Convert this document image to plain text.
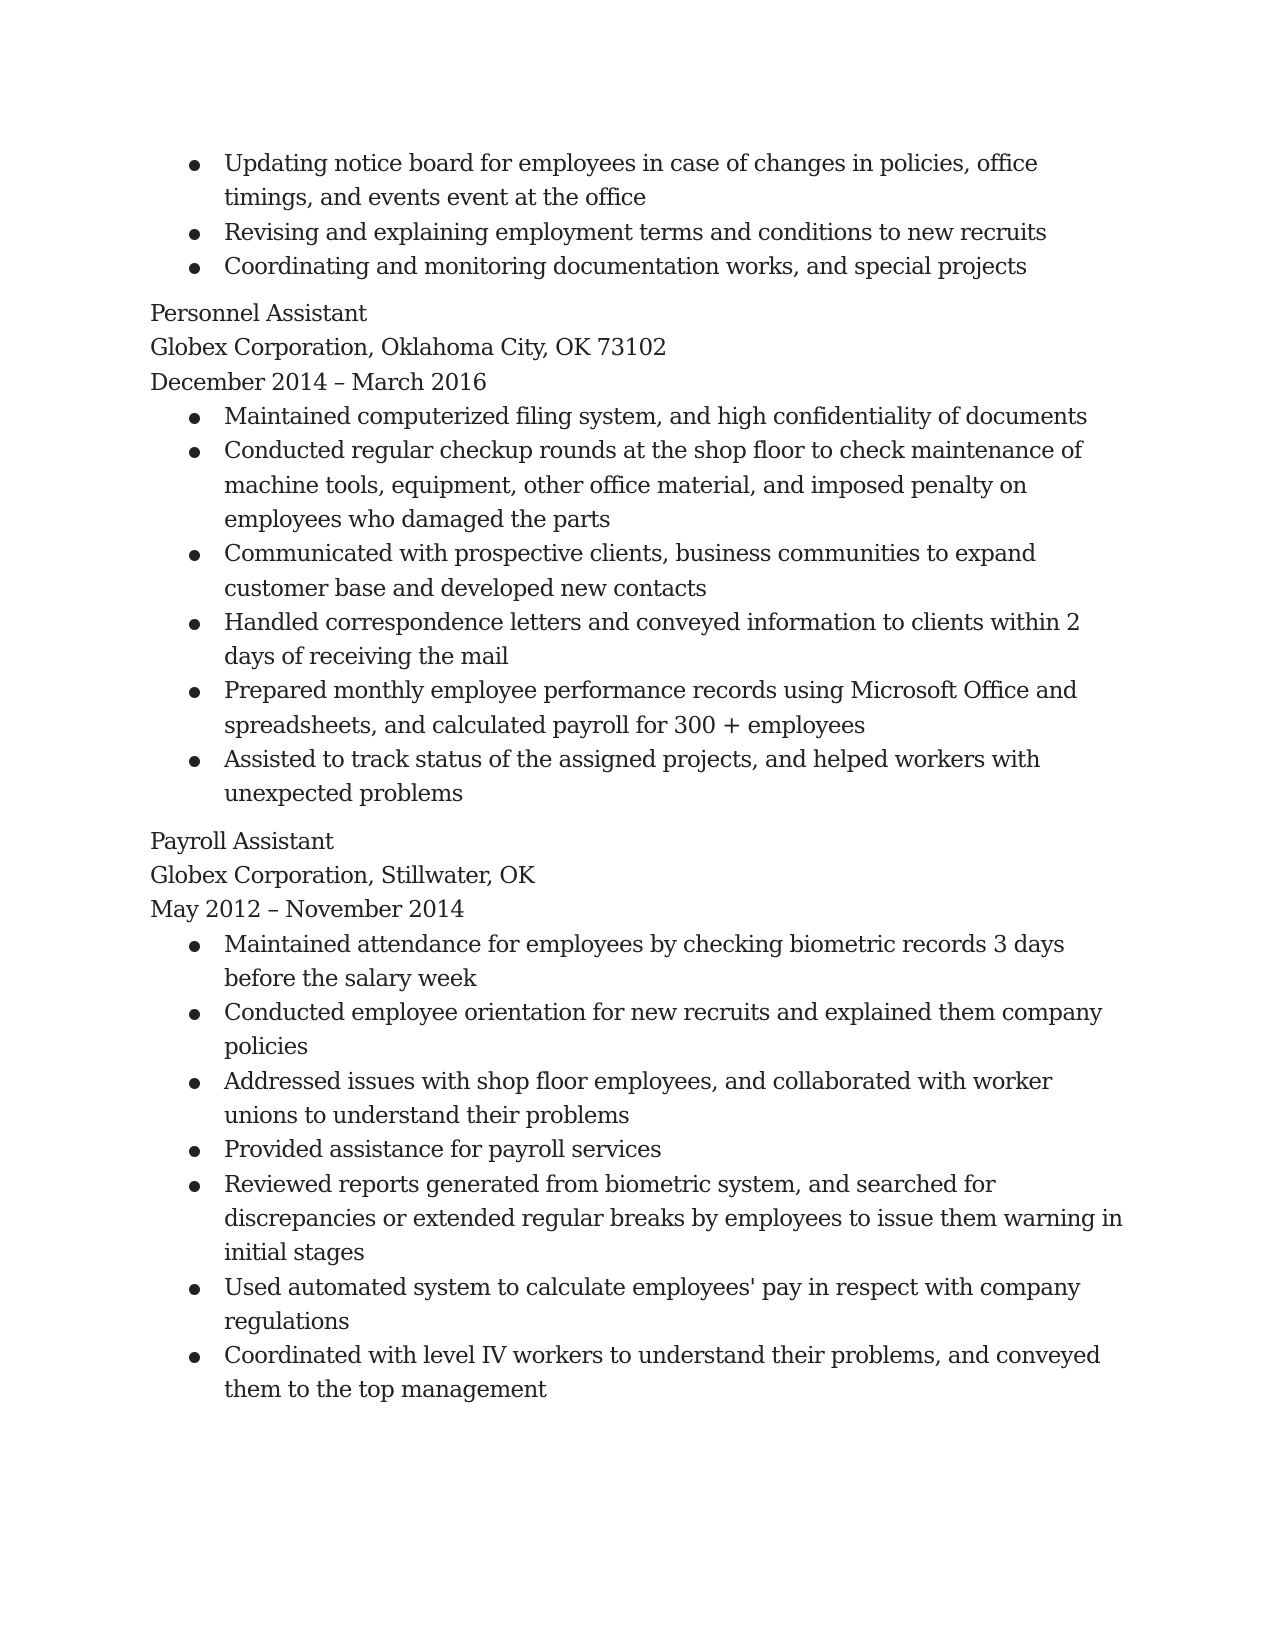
Updating notice board for employees in case of changes in policies, office timings, and events event at the office
Revising and explaining employment terms and conditions to new recruits
Coordinating and monitoring documentation works, and special projects
Personnel Assistant
Globex Corporation, Oklahoma City, OK 73102
December 2014 – March 2016
Maintained computerized filing system, and high confidentiality of documents
Conducted regular checkup rounds at the shop floor to check maintenance of machine tools, equipment, other office material, and imposed penalty on employees who damaged the parts
Communicated with prospective clients, business communities to expand customer base and developed new contacts
Handled correspondence letters and conveyed information to clients within 2 days of receiving the mail
Prepared monthly employee performance records using Microsoft Office and spreadsheets, and calculated payroll for 300 + employees
Assisted to track status of the assigned projects, and helped workers with unexpected problems
Payroll Assistant
Globex Corporation, Stillwater, OK
May 2012 – November 2014
Maintained attendance for employees by checking biometric records 3 days before the salary week
Conducted employee orientation for new recruits and explained them company policies
Addressed issues with shop floor employees, and collaborated with worker unions to understand their problems
Provided assistance for payroll services
Reviewed reports generated from biometric system, and searched for discrepancies or extended regular breaks by employees to issue them warning in initial stages
Used automated system to calculate employees' pay in respect with company regulations
Coordinated with level IV workers to understand their problems, and conveyed them to the top management
